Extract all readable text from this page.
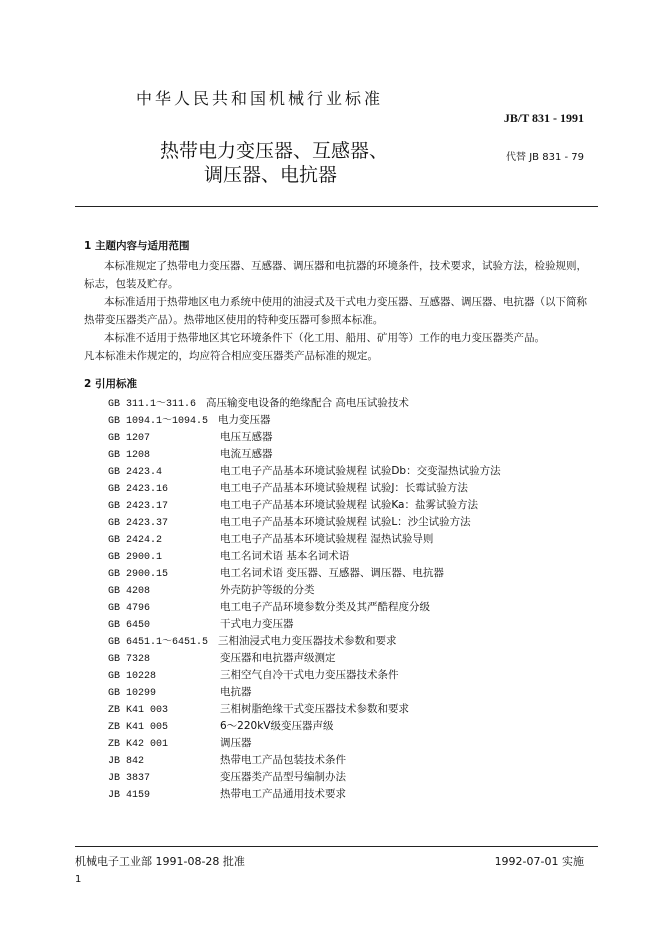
中华人民共和国机械行业标准
JB/T 831 - 1991
热带电力变压器、互感器、
调压器、电抗器
代替 JB 831 - 79
1 主题内容与适用范围

本标准规定了热带电力变压器、互感器、调压器和电抗器的环境条件，技术要求，试验方法，检验规则，标志，包装及贮存。

本标准适用于热带地区电力系统中使用的油浸式及干式电力变压器、互感器、调压器、电抗器（以下简称热带变压器类产品）。热带地区使用的特种变压器可参照本标准。

本标准不适用于热带地区其它环境条件下（化工用、船用、矿用等）工作的电力变压器类产品。

凡本标准未作规定的，均应符合相应变压器类产品标准的规定。

2 引用标准
GB 311.1～311.6 高压输变电设备的绝缘配合 高电压试验技术
GB 1094.1～1094.5 电力变压器
GB 1207	电压互感器
GB 1208	电流互感器
GB 2423.4	电工电子产品基本环境试验规程 试验Db：交变湿热试验方法
GB 2423.16	电工电子产品基本环境试验规程 试验J：长霉试验方法
GB 2423.17	电工电子产品基本环境试验规程 试验Ka：盐雾试验方法
GB 2423.37	电工电子产品基本环境试验规程 试验L：沙尘试验方法
GB 2424.2	电工电子产品基本环境试验规程 湿热试验导则
GB 2900.1	电工名词术语 基本名词术语
GB 2900.15	电工名词术语 变压器、互感器、调压器、电抗器
GB 4208	外壳防护等级的分类
GB 4796	电工电子产品环境参数分类及其严酷程度分级
GB 6450	干式电力变压器
GB 6451.1～6451.5 三相油浸式电力变压器技术参数和要求
GB 7328	变压器和电抗器声级测定
GB 10228	三相空气自冷干式电力变压器技术条件
GB 10299	电抗器
ZB K41 003	三相树脂绝缘干式变压器技术参数和要求
ZB K41 005	6～220kV级变压器声级
ZB K42 001	调压器
JB 842	热带电工产品包装技术条件
JB 3837	变压器类产品型号编制办法
JB 4159	热带电工产品通用技术要求
机械电子工业部 1991-08-28 批准	1992-07-01 实施
1
